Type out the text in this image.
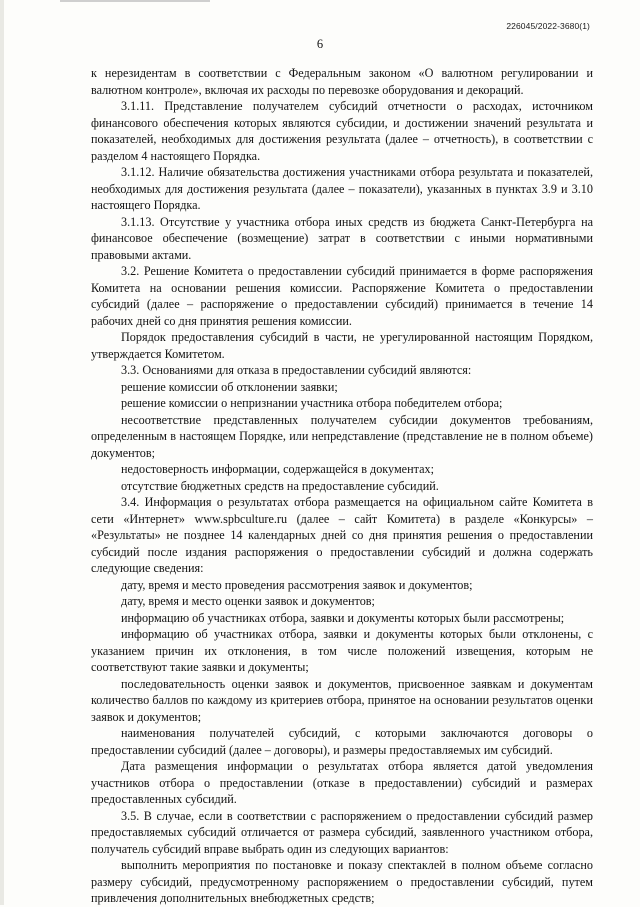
226045/2022-3680(1)
6

к нерезидентам в соответствии с Федеральным законом «О валютном регулировании и валютном контроле», включая их расходы по перевозке оборудования и декораций.

3.1.11. Представление получателем субсидий отчетности о расходах, источником финансового обеспечения которых являются субсидии, и достижении значений результата и показателей, необходимых для достижения результата (далее – отчетность), в соответствии с разделом 4 настоящего Порядка.

3.1.12. Наличие обязательства достижения участниками отбора результата и показателей, необходимых для достижения результата (далее – показатели), указанных в пунктах 3.9 и 3.10 настоящего Порядка.

3.1.13. Отсутствие у участника отбора иных средств из бюджета Санкт-Петербурга на финансовое обеспечение (возмещение) затрат в соответствии с иными нормативными правовыми актами.

3.2. Решение Комитета о предоставлении субсидий принимается в форме распоряжения Комитета на основании решения комиссии. Распоряжение Комитета о предоставлении субсидий (далее – распоряжение о предоставлении субсидий) принимается в течение 14 рабочих дней со дня принятия решения комиссии.

Порядок предоставления субсидий в части, не урегулированной настоящим Порядком, утверждается Комитетом.

3.3. Основаниями для отказа в предоставлении субсидий являются:

решение комиссии об отклонении заявки;

решение комиссии о непризнании участника отбора победителем отбора;

несоответствие представленных получателем субсидии документов требованиям, определенным в настоящем Порядке, или непредставление (представление не в полном объеме) документов;

недостоверность информации, содержащейся в документах;

отсутствие бюджетных средств на предоставление субсидий.

3.4. Информация о результатах отбора размещается на официальном сайте Комитета в сети «Интернет» www.spbculture.ru (далее – сайт Комитета) в разделе «Конкурсы» – «Результаты» не позднее 14 календарных дней со дня принятия решения о предоставлении субсидий после издания распоряжения о предоставлении субсидий и должна содержать следующие сведения:

дату, время и место проведения рассмотрения заявок и документов;

дату, время и место оценки заявок и документов;

информацию об участниках отбора, заявки и документы которых были рассмотрены;

информацию об участниках отбора, заявки и документы которых были отклонены, с указанием причин их отклонения, в том числе положений извещения, которым не соответствуют такие заявки и документы;

последовательность оценки заявок и документов, присвоенное заявкам и документам количество баллов по каждому из критериев отбора, принятое на основании результатов оценки заявок и документов;

наименования получателей субсидий, с которыми заключаются договоры о предоставлении субсидий (далее – договоры), и размеры предоставляемых им субсидий.

Дата размещения информации о результатах отбора является датой уведомления участников отбора о предоставлении (отказе в предоставлении) субсидий и размерах предоставленных субсидий.

3.5. В случае, если в соответствии с распоряжением о предоставлении субсидий размер предоставляемых субсидий отличается от размера субсидий, заявленного участником отбора, получатель субсидий вправе выбрать один из следующих вариантов:

выполнить мероприятия по постановке и показу спектаклей в полном объеме согласно размеру субсидий, предусмотренному распоряжением о предоставлении субсидий, путем привлечения дополнительных внебюджетных средств;
